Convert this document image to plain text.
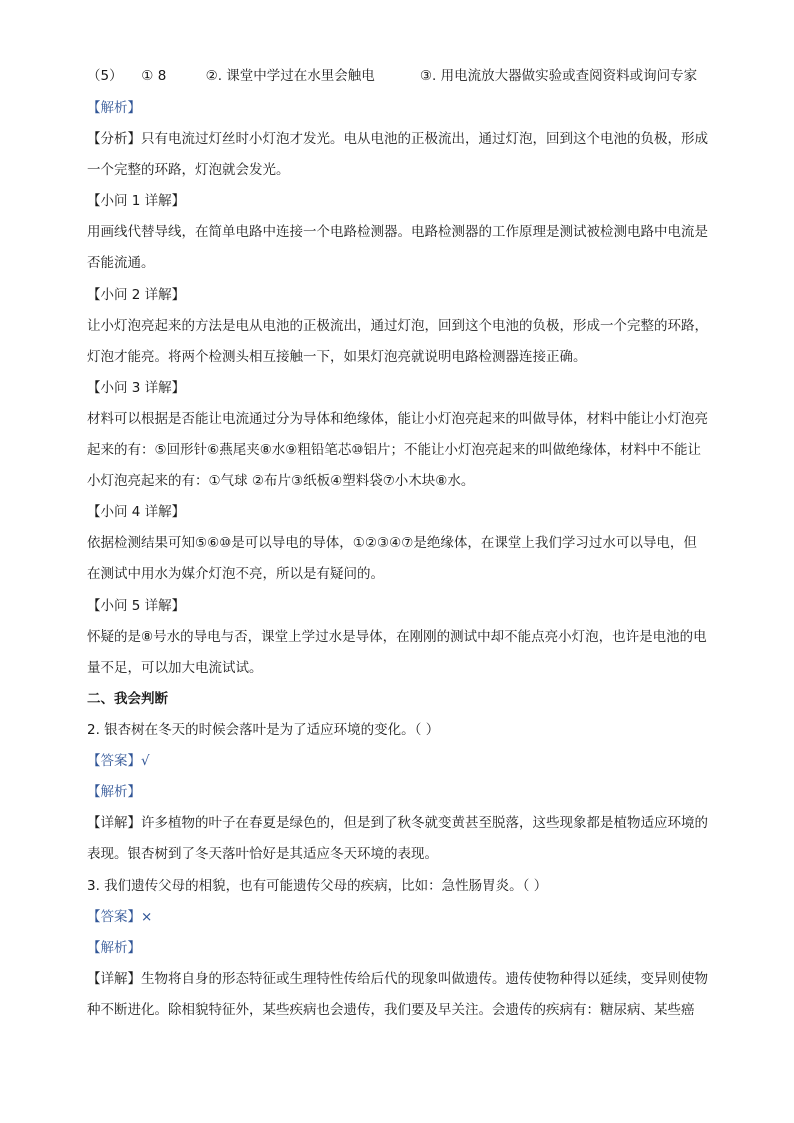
（5） ① 8	②. 课堂中学过在水里会触电	③. 用电流放大器做实验或查阅资料或询问专家
【解析】
【分析】只有电流过灯丝时小灯泡才发光。电从电池的正极流出，通过灯泡，回到这个电池的负极，形成
一个完整的环路，灯泡就会发光。
【小问 1 详解】
用画线代替导线，在简单电路中连接一个电路检测器。电路检测器的工作原理是测试被检测电路中电流是
否能流通。
【小问 2 详解】
让小灯泡亮起来的方法是电从电池的正极流出，通过灯泡，回到这个电池的负极，形成一个完整的环路，
灯泡才能亮。将两个检测头相互接触一下，如果灯泡亮就说明电路检测器连接正确。
【小问 3 详解】
材料可以根据是否能让电流通过分为导体和绝缘体，能让小灯泡亮起来的叫做导体，材料中能让小灯泡亮
起来的有：⑤回形针⑥燕尾夹⑧水⑨粗铅笔芯⑩铝片；不能让小灯泡亮起来的叫做绝缘体，材料中不能让
小灯泡亮起来的有：①气球 ②布片③纸板④塑料袋⑦小木块⑧水。
【小问 4 详解】
依据检测结果可知⑤⑥⑩是可以导电的导体，①②③④⑦是绝缘体，在课堂上我们学习过水可以导电，但
在测试中用水为媒介灯泡不亮，所以是有疑问的。
【小问 5 详解】
怀疑的是⑧号水的导电与否，课堂上学过水是导体，在刚刚的测试中却不能点亮小灯泡，也许是电池的电
量不足，可以加大电流试试。
二、我会判断
2. 银杏树在冬天的时候会落叶是为了适应环境的变化。（ ）
【答案】√
【解析】
【详解】许多植物的叶子在春夏是绿色的，但是到了秋冬就变黄甚至脱落，这些现象都是植物适应环境的
表现。银杏树到了冬天落叶恰好是其适应冬天环境的表现。
3. 我们遗传父母的相貌，也有可能遗传父母的疾病，比如：急性肠胃炎。（ ）
【答案】×
【解析】
【详解】生物将自身的形态特征或生理特性传给后代的现象叫做遗传。遗传使物种得以延续，变异则使物
种不断进化。除相貌特征外，某些疾病也会遗传，我们要及早关注。会遗传的疾病有：糖尿病、某些癌
